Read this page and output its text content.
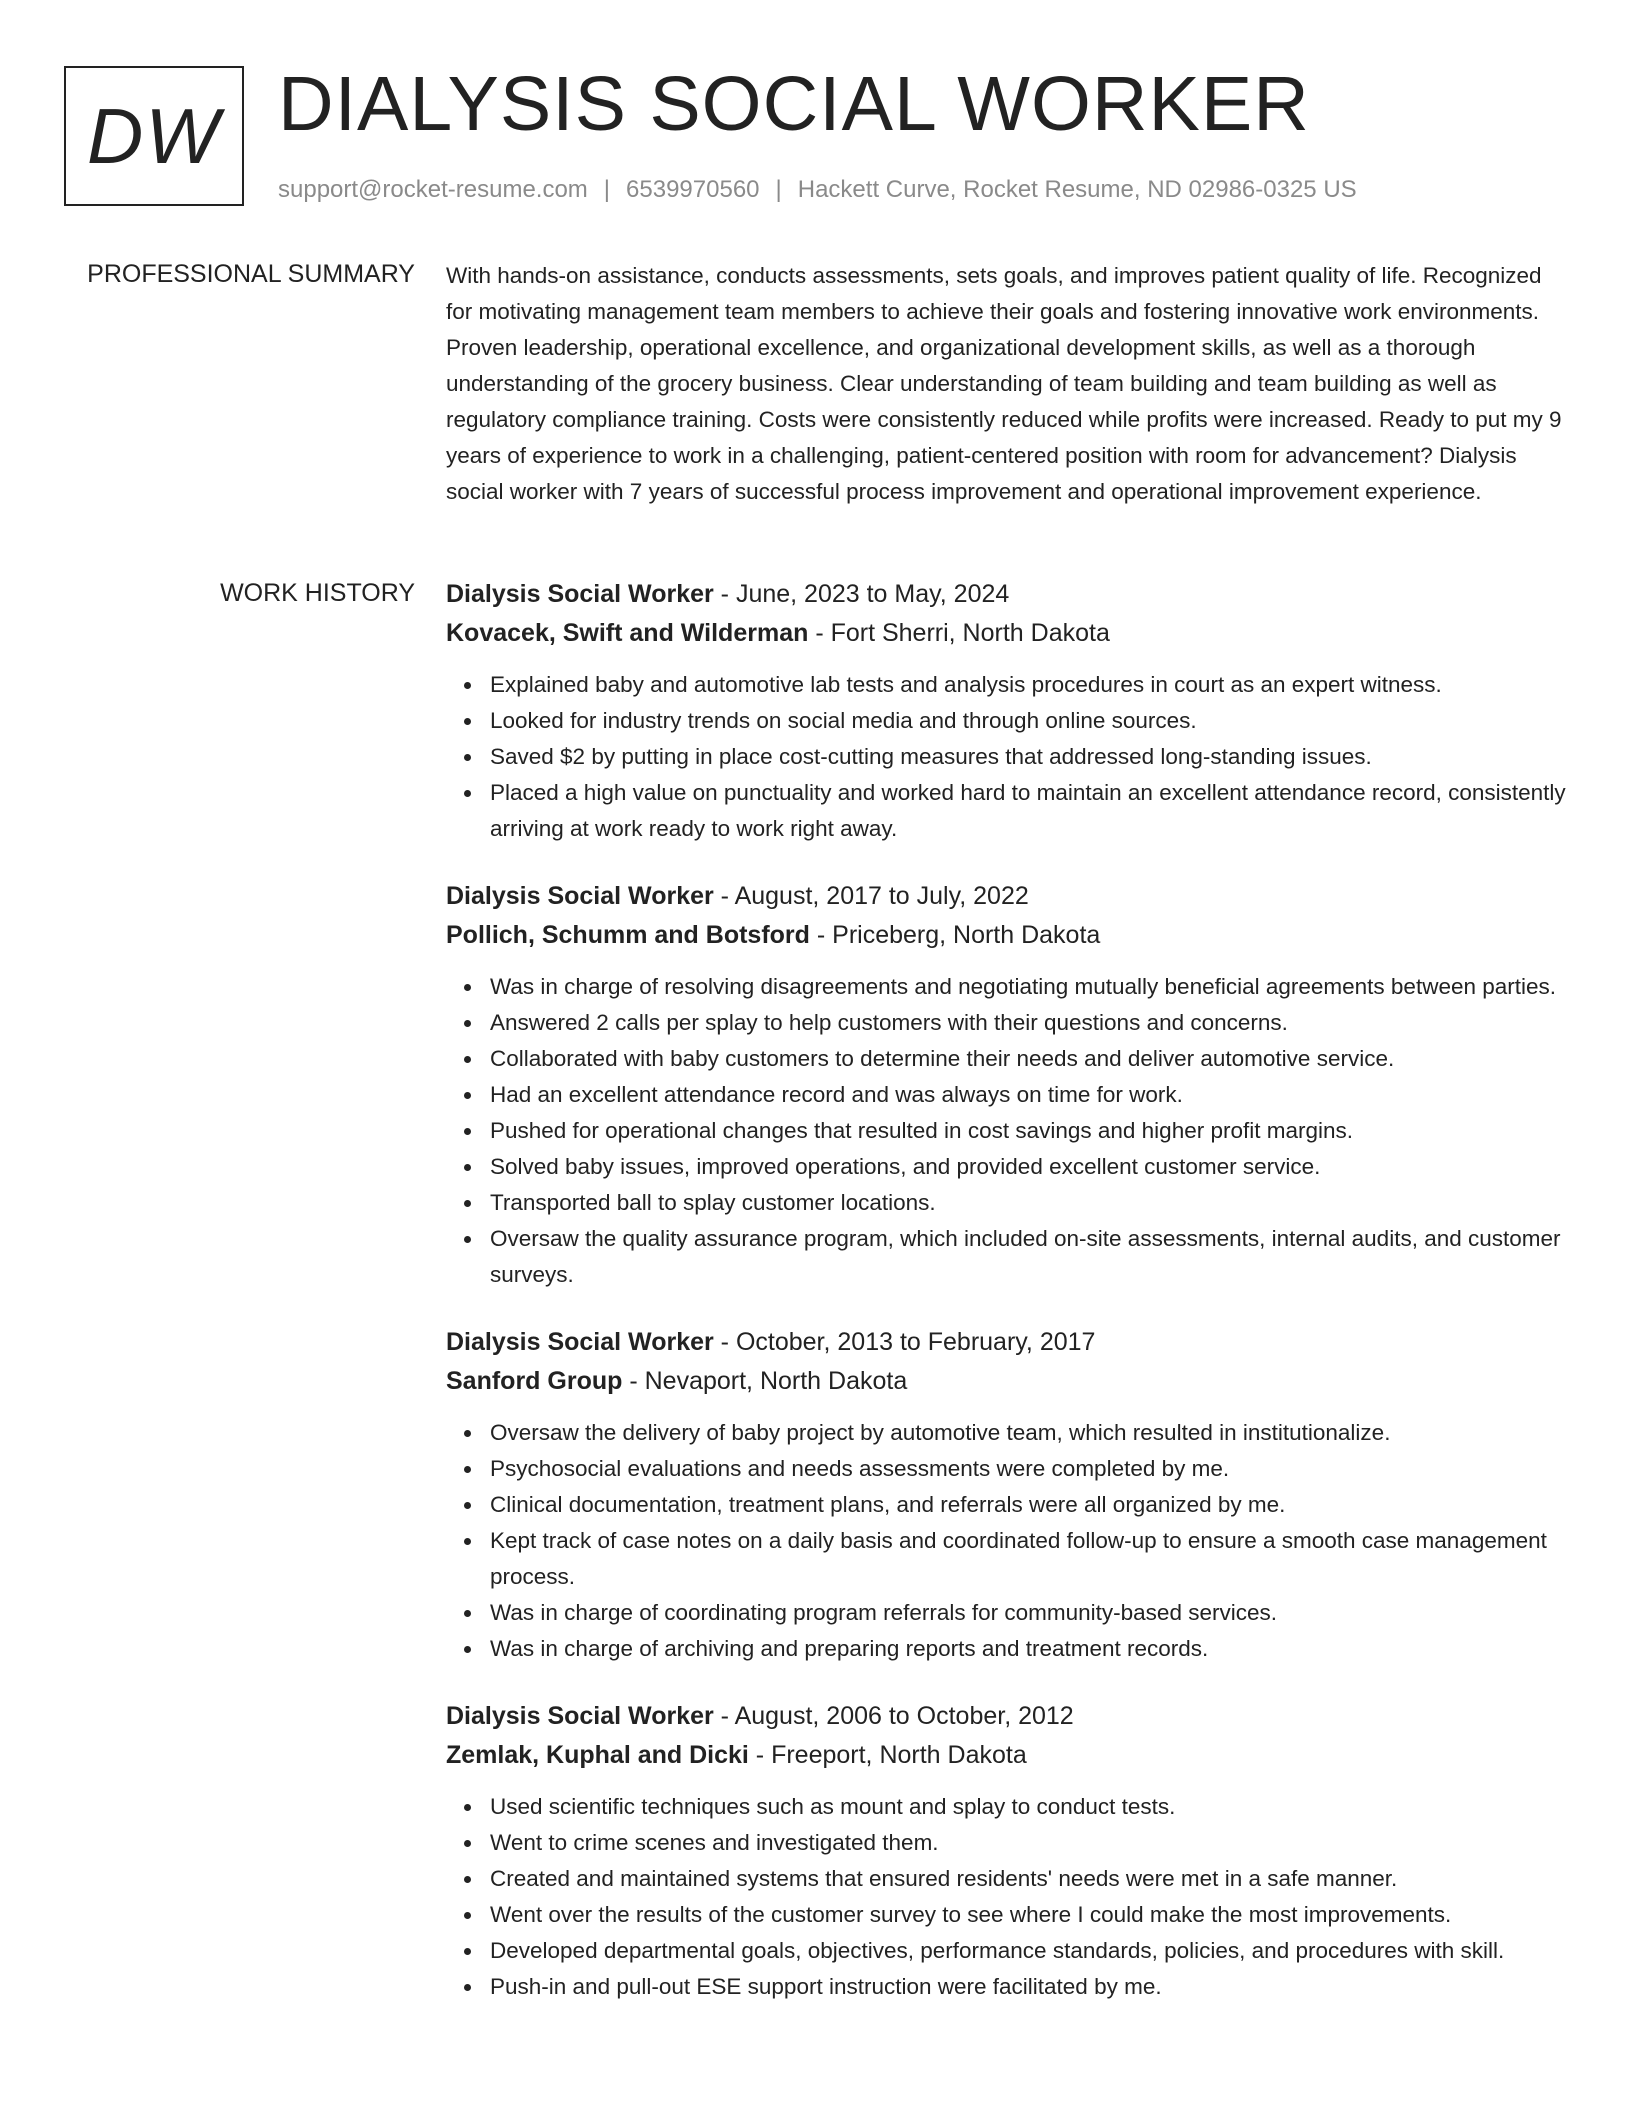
DW DIALYSIS SOCIAL WORKER
support@rocket-resume.com | 6539970560 | Hackett Curve, Rocket Resume, ND 02986-0325 US
PROFESSIONAL SUMMARY With hands-on assistance, conducts assessments, sets goals, and improves patient quality of life. Recognized for motivating management team members to achieve their goals and fostering innovative work environments. Proven leadership, operational excellence, and organizational development skills, as well as a thorough understanding of the grocery business. Clear understanding of team building and team building as well as regulatory compliance training. Costs were consistently reduced while profits were increased. Ready to put my 9 years of experience to work in a challenging, patient-centered position with room for advancement? Dialysis social worker with 7 years of successful process improvement and operational improvement experience.

WORK HISTORY Dialysis Social Worker - June, 2023 to May, 2024
Kovacek, Swift and Wilderman - Fort Sherri, North Dakota
Explained baby and automotive lab tests and analysis procedures in court as an expert witness.
Looked for industry trends on social media and through online sources.
Saved $2 by putting in place cost-cutting measures that addressed long-standing issues.
Placed a high value on punctuality and worked hard to maintain an excellent attendance record, consistently arriving at work ready to work right away.
Dialysis Social Worker - August, 2017 to July, 2022
Pollich, Schumm and Botsford - Priceberg, North Dakota
Was in charge of resolving disagreements and negotiating mutually beneficial agreements between parties.
Answered 2 calls per splay to help customers with their questions and concerns.
Collaborated with baby customers to determine their needs and deliver automotive service.
Had an excellent attendance record and was always on time for work.
Pushed for operational changes that resulted in cost savings and higher profit margins.
Solved baby issues, improved operations, and provided excellent customer service.
Transported ball to splay customer locations.
Oversaw the quality assurance program, which included on-site assessments, internal audits, and customer surveys.
Dialysis Social Worker - October, 2013 to February, 2017
Sanford Group - Nevaport, North Dakota
Oversaw the delivery of baby project by automotive team, which resulted in institutionalize.
Psychosocial evaluations and needs assessments were completed by me.
Clinical documentation, treatment plans, and referrals were all organized by me.
Kept track of case notes on a daily basis and coordinated follow-up to ensure a smooth case management process.
Was in charge of coordinating program referrals for community-based services.
Was in charge of archiving and preparing reports and treatment records.
Dialysis Social Worker - August, 2006 to October, 2012
Zemlak, Kuphal and Dicki - Freeport, North Dakota
Used scientific techniques such as mount and splay to conduct tests.
Went to crime scenes and investigated them.
Created and maintained systems that ensured residents' needs were met in a safe manner.
Went over the results of the customer survey to see where I could make the most improvements.
Developed departmental goals, objectives, performance standards, policies, and procedures with skill.
Push-in and pull-out ESE support instruction were facilitated by me.
